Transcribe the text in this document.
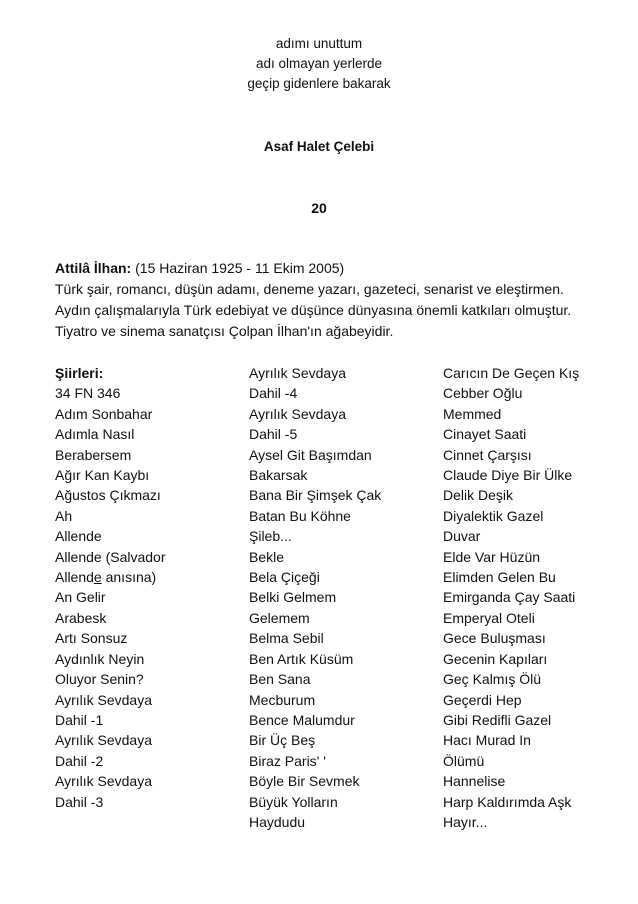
adımı unuttum
adı olmayan yerlerde
geçip gidenlere bakarak
Asaf Halet Çelebi
20
Attilâ İlhan: (15 Haziran 1925 - 11 Ekim 2005)
Türk şair, romancı, düşün adamı, deneme yazarı, gazeteci, senarist ve eleştirmen. Aydın çalışmalarıyla Türk edebiyat ve düşünce dünyasına önemli katkıları olmuştur. Tiyatro ve sinema sanatçısı Çolpan İlhan'ın ağabeyidir.
Şiirleri:
34 FN 346
Adım Sonbahar
Adımla Nasıl
Berabersem
Ağır Kan Kaybı
Ağustos Çıkmazı
Ah
Allende
Allende (Salvador
Allende anısına)
An Gelir
Arabesk
Artı Sonsuz
Aydınlık Neyin
Oluyor Senin?
Ayrılık Sevdaya
Dahil -1
Ayrılık Sevdaya
Dahil -2
Ayrılık Sevdaya
Dahil -3
Ayrılık Sevdaya
Dahil -4
Ayrılık Sevdaya
Dahil -5
Aysel Git Başımdan
Bakarsak
Bana Bir Şimşek Çak
Batan Bu Köhne
Şileb...
Bekle
Bela Çiçeği
Belki Gelmem
Gelemem
Belma Sebil
Ben Artık Küsüm
Ben Sana
Mecburum
Bence Malumdur
Bir Üç Beş
Biraz Paris' '
Böyle Bir Sevmek
Büyük Yolların
Haydudu
Carıcın De Geçen Kış
Cebber Oğlu
Memmed
Cinayet Saati
Cinnet Çarşısı
Claude Diye Bir Ülke
Delik Deşik
Diyalektik Gazel
Duvar
Elde Var Hüzün
Elimden Gelen Bu
Emirganda Çay Saati
Emperyal Oteli
Gece Buluşması
Gecenin Kapıları
Geç Kalmış Ölü
Geçerdi Hep
Gibi Redifli Gazel
Hacı Murad In
Ölümü
Hannelise
Harp Kaldırımda Aşk
Hayır...
